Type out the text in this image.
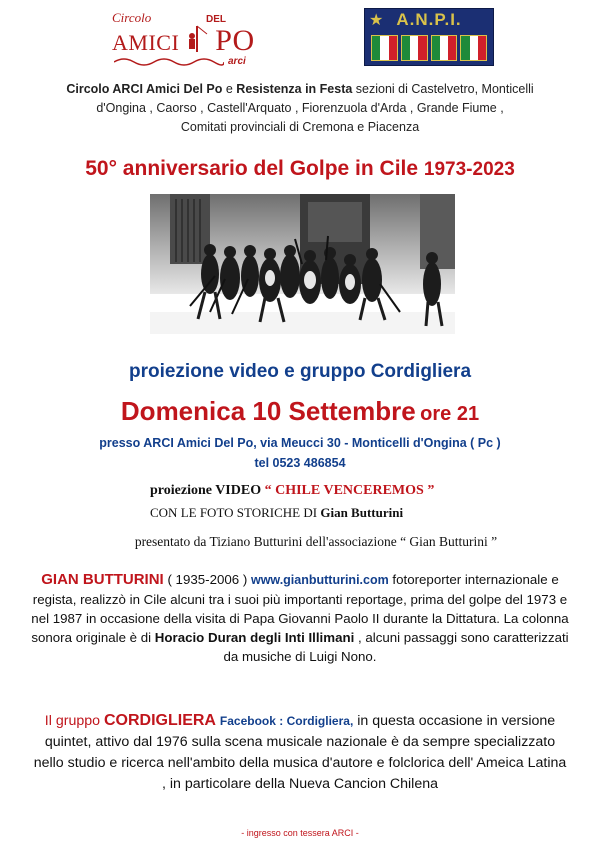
Circolo	DEL
AMICI PO
arci
★ A.N.P.I.
Circolo ARCI Amici Del Po e Resistenza in Festa sezioni di Castelvetro, Monticelli
d'Ongina , Caorso , Castell'Arquato , Fiorenzuola d'Arda , Grande Fiume ,
Comitati provinciali di Cremona e Piacenza
50° anniversario del Golpe in Cile 1973-2023
proiezione video e gruppo Cordigliera
Domenica 10 Settembre ore 21
presso ARCI Amici Del Po, via Meucci 30 - Monticelli d'Ongina ( Pc )
tel 0523 486854
proiezione VIDEO “ CHILE VENCEREMOS ”
CON LE FOTO STORICHE DI Gian Butturini
presentato da Tiziano Butturini dell'associazione “ Gian Butturini ”
GIAN BUTTURINI ( 1935-2006 ) www.gianbutturini.com fotoreporter internazionale e regista, realizzò in Cile alcuni tra i suoi più importanti reportage, prima del golpe del 1973 e nel 1987 in occasione della visita di Papa Giovanni Paolo II durante la Dittatura. La colonna sonora originale è di Horacio Duran degli Inti Illimani , alcuni passaggi sono caratterizzati da musiche di Luigi Nono.
Il gruppo CORDIGLIERA Facebook : Cordigliera, in questa occasione in versione quintet, attivo dal 1976 sulla scena musicale nazionale è da sempre specializzato nello studio e ricerca nell'ambito della musica d'autore e folclorica dell' Ameica Latina , in particolare della Nueva Cancion Chilena
- ingresso con tessera ARCI -
